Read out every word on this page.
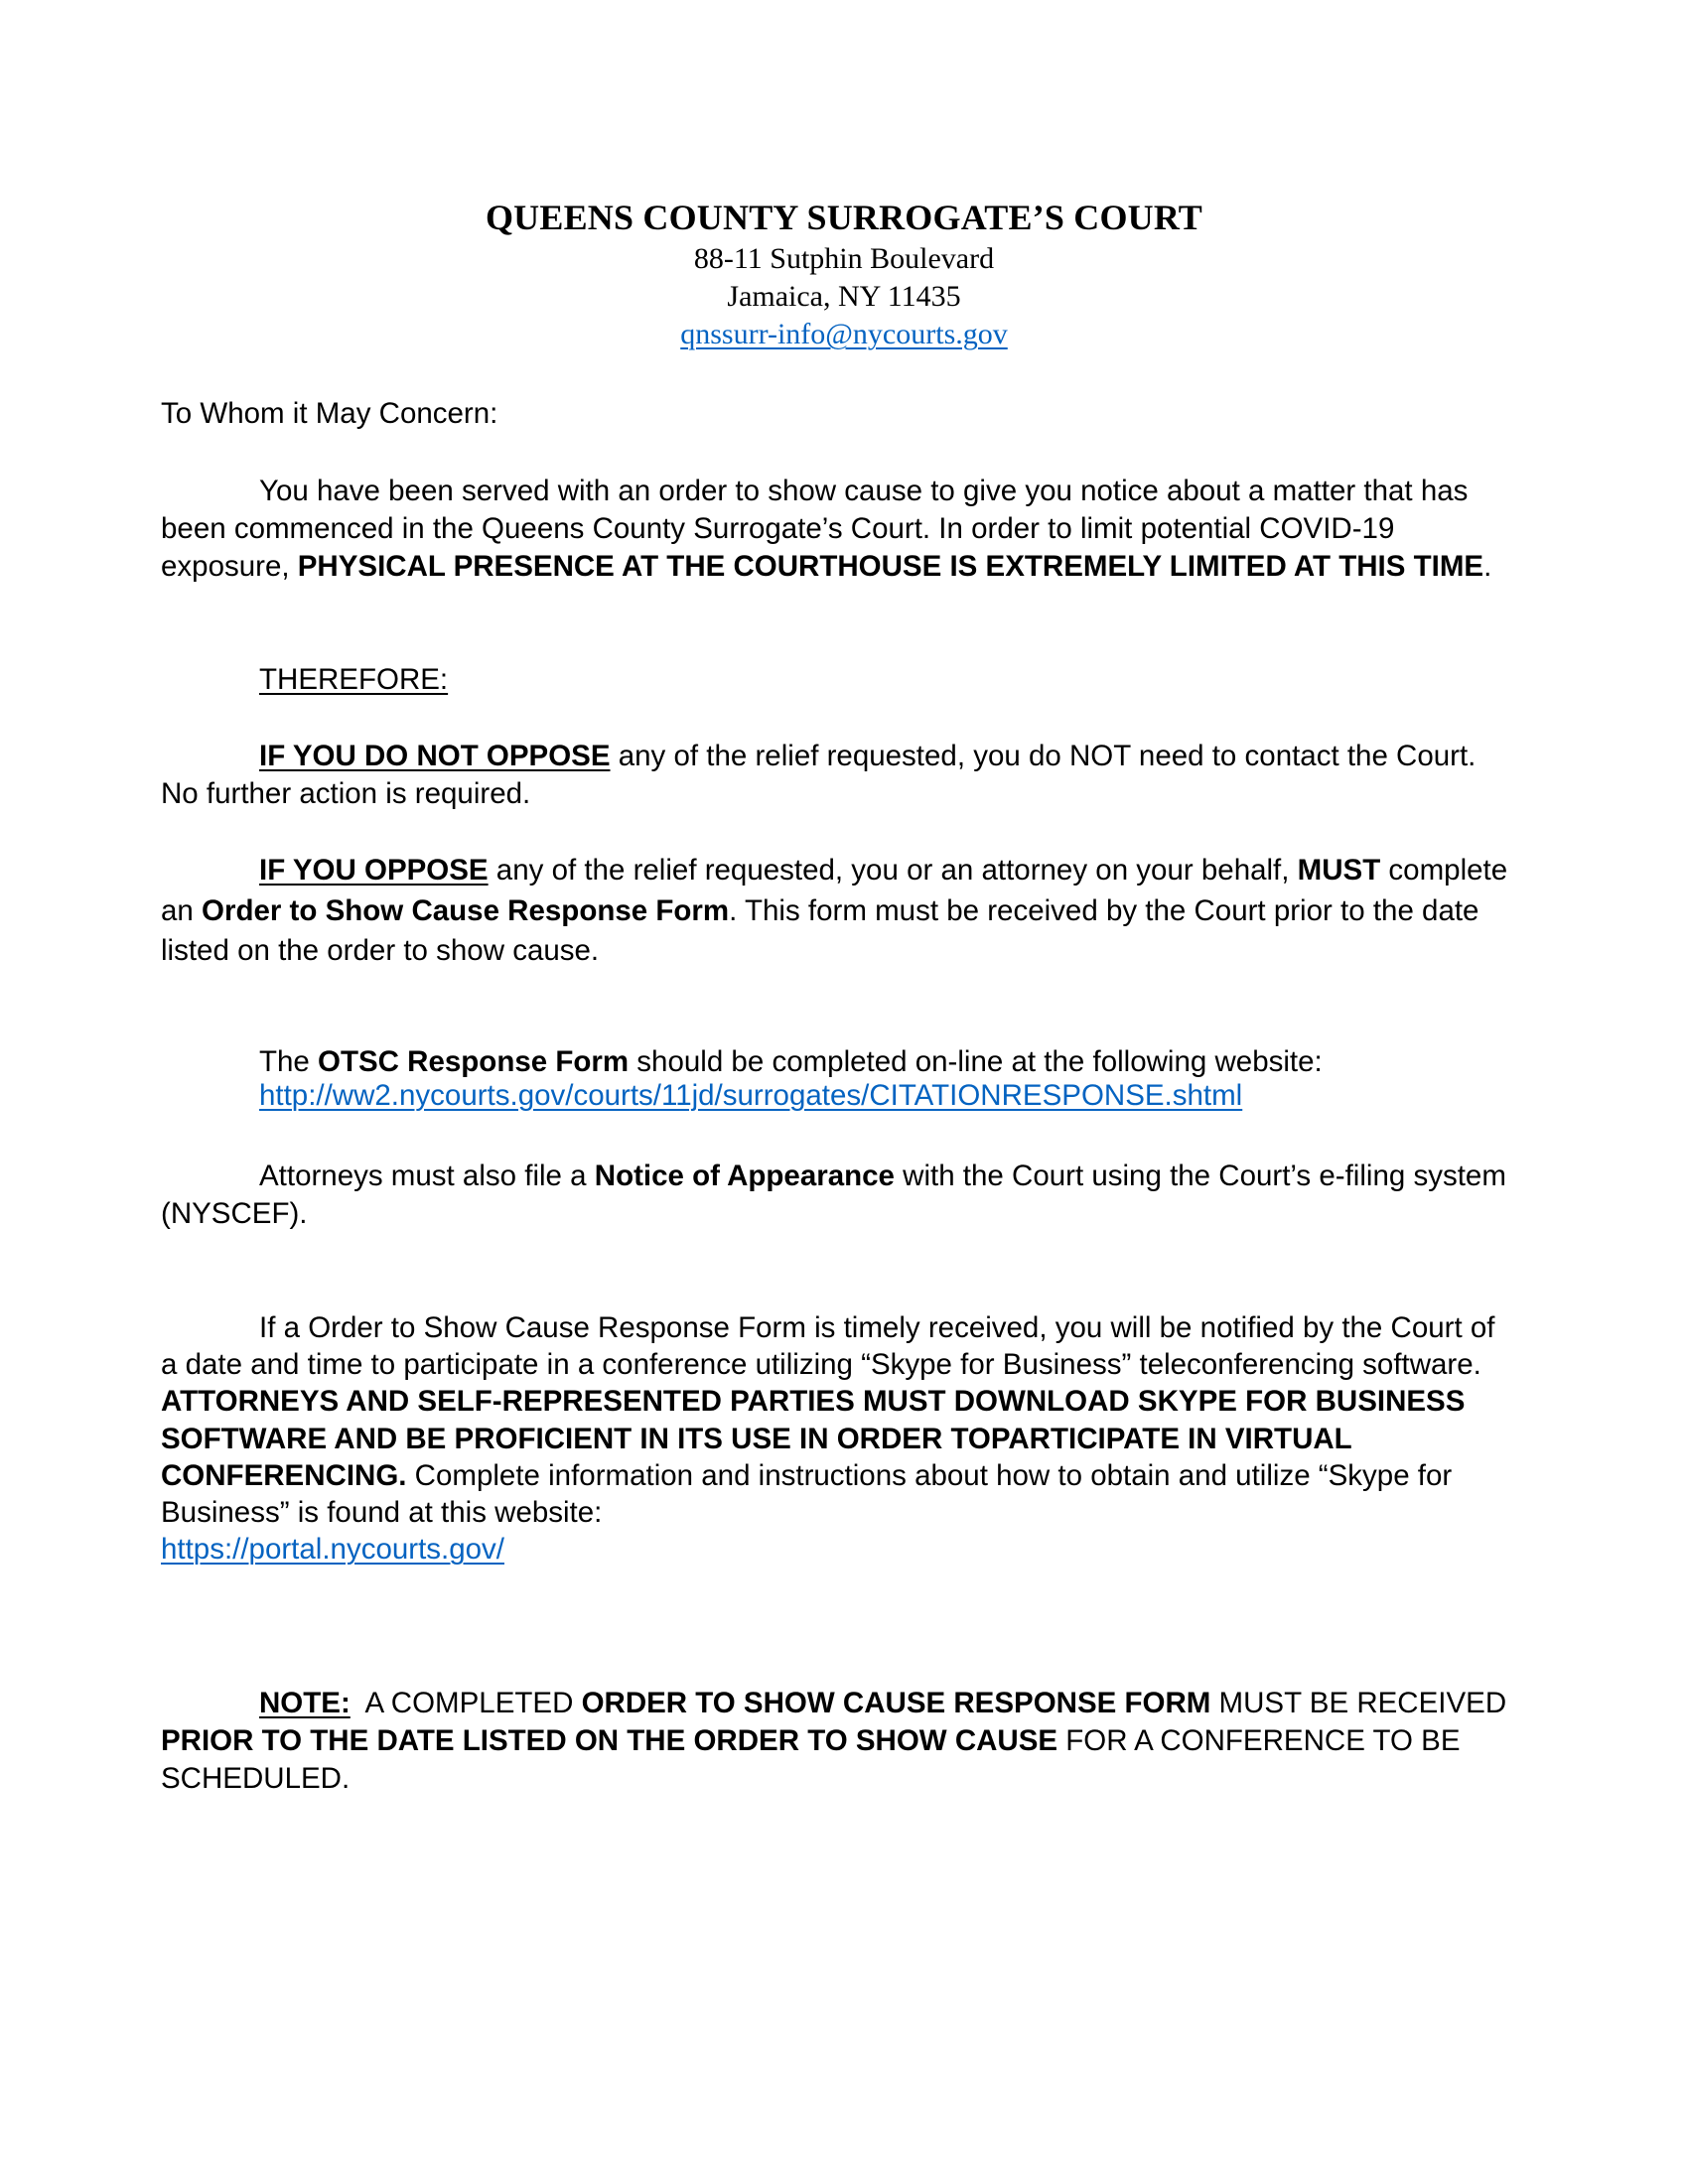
QUEENS COUNTY SURROGATE’S COURT
88-11 Sutphin Boulevard
Jamaica, NY 11435
qnssurr-info@nycourts.gov
To Whom it May Concern:
You have been served with an order to show cause to give you notice about a matter that has been commenced in the Queens County Surrogate’s Court. In order to limit potential COVID-19 exposure, PHYSICAL PRESENCE AT THE COURTHOUSE IS EXTREMELY LIMITED AT THIS TIME.
THEREFORE:
IF YOU DO NOT OPPOSE any of the relief requested, you do NOT need to contact the Court. No further action is required.
IF YOU OPPOSE any of the relief requested, you or an attorney on your behalf, MUST complete an Order to Show Cause Response Form. This form must be received by the Court prior to the date listed on the order to show cause.
The OTSC Response Form should be completed on-line at the following website:
http://ww2.nycourts.gov/courts/11jd/surrogates/CITATIONRESPONSE.shtml
Attorneys must also file a Notice of Appearance with the Court using the Court’s e-filing system (NYSCEF).
If a Order to Show Cause Response Form is timely received, you will be notified by the Court of a date and time to participate in a conference utilizing “Skype for Business” teleconferencing software. ATTORNEYS AND SELF-REPRESENTED PARTIES MUST DOWNLOAD SKYPE FOR BUSINESS SOFTWARE AND BE PROFICIENT IN ITS USE IN ORDER TOPARTICIPATE IN VIRTUAL CONFERENCING. Complete information and instructions about how to obtain and utilize “Skype for Business” is found at this website:
https://portal.nycourts.gov/
NOTE:  A COMPLETED ORDER TO SHOW CAUSE RESPONSE FORM MUST BE RECEIVED PRIOR TO THE DATE LISTED ON THE ORDER TO SHOW CAUSE FOR A CONFERENCE TO BE SCHEDULED.
